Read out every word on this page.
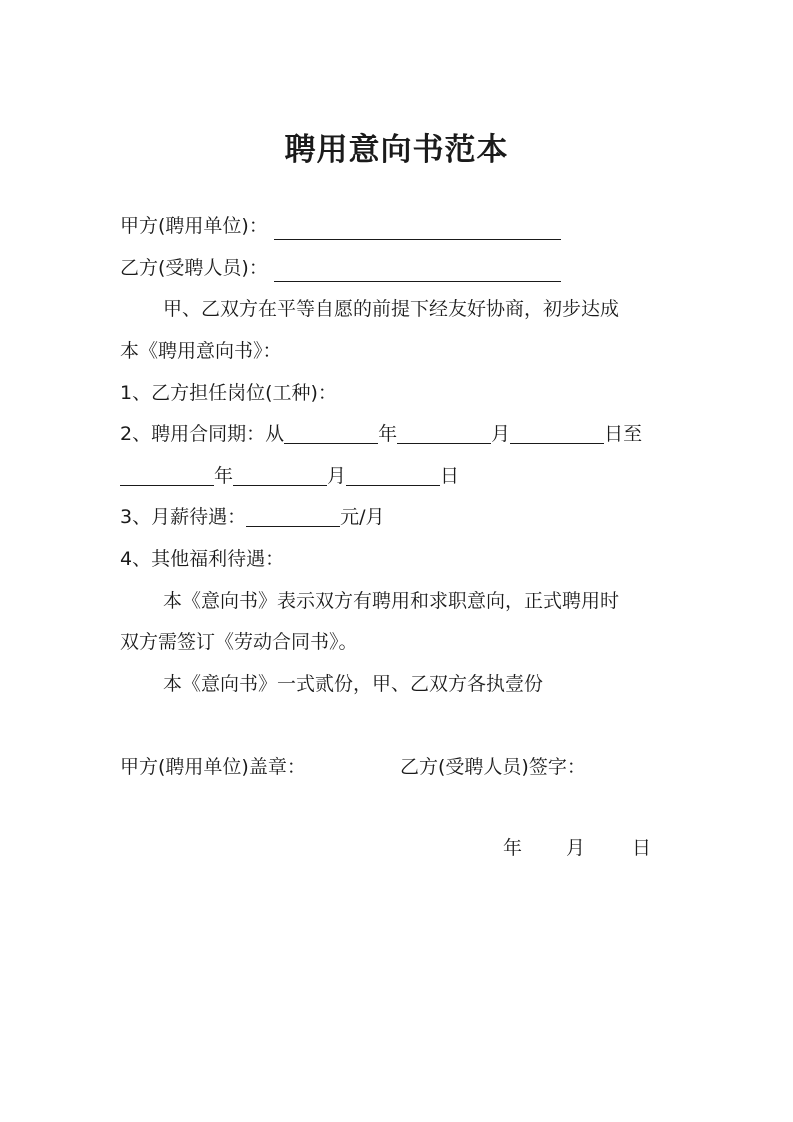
聘用意向书范本
甲方(聘用单位)：
乙方(受聘人员)：
甲、乙双方在平等自愿的前提下经友好协商，初步达成
本《聘用意向书》：
1、乙方担任岗位(工种)：
2、聘用合同期：从	年	月	日至
年	月	日
3、月薪待遇：	元/月
4、其他福利待遇：
本《意向书》表示双方有聘用和求职意向，正式聘用时
双方需签订《劳动合同书》。
本《意向书》一式贰份，甲、乙双方各执壹份
甲方(聘用单位)盖章：	乙方(受聘人员)签字：
年 月 日
